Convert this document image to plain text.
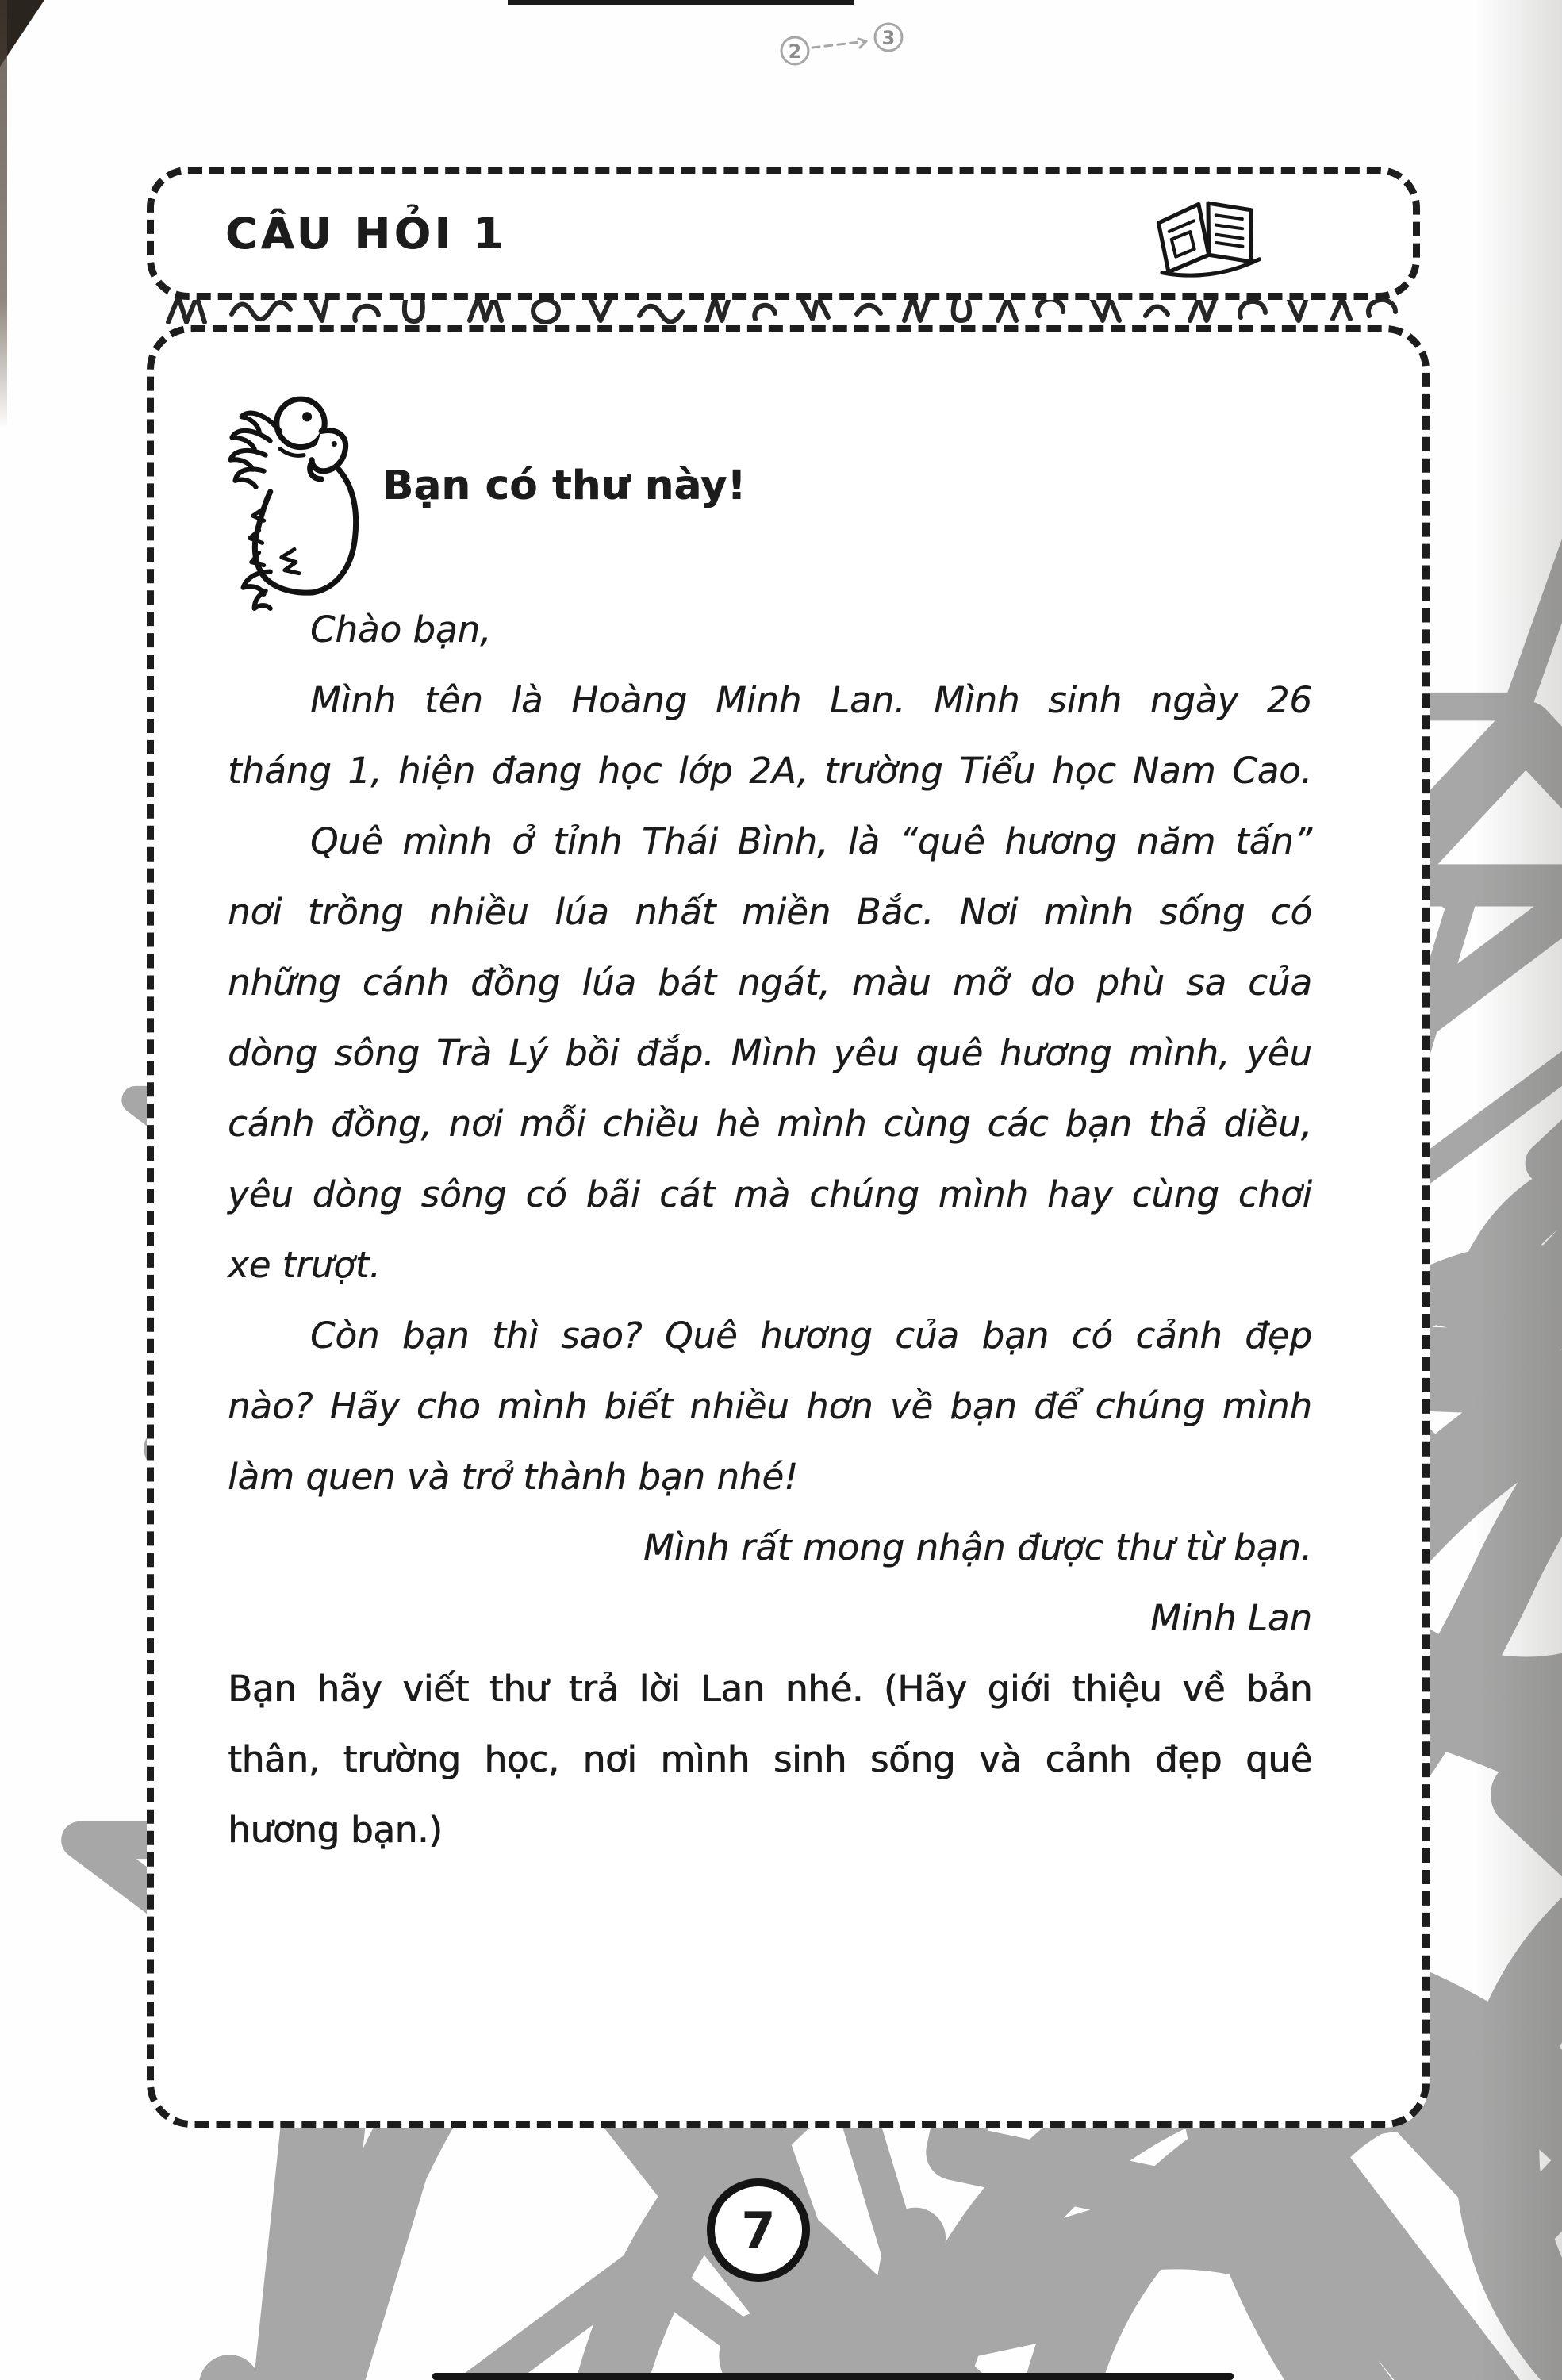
2
3
CÂU HỎI 1
Bạn có thư này!
Chào bạn,
Mình tên là Hoàng Minh Lan. Mình sinh ngày 26
tháng 1, hiện đang học lớp 2A, trường Tiểu học Nam Cao.
Quê mình ở tỉnh Thái Bình, là “quê hương năm tấn”
nơi trồng nhiều lúa nhất miền Bắc. Nơi mình sống có
những cánh đồng lúa bát ngát, màu mỡ do phù sa của
dòng sông Trà Lý bồi đắp. Mình yêu quê hương mình, yêu
cánh đồng, nơi mỗi chiều hè mình cùng các bạn thả diều,
yêu dòng sông có bãi cát mà chúng mình hay cùng chơi
xe trượt.
Còn bạn thì sao? Quê hương của bạn có cảnh đẹp
nào? Hãy cho mình biết nhiều hơn về bạn để chúng mình
làm quen và trở thành bạn nhé!
Mình rất mong nhận được thư từ bạn.
Minh Lan
Bạn hãy viết thư trả lời Lan nhé. (Hãy giới thiệu về bản
thân, trường học, nơi mình sinh sống và cảnh đẹp quê
hương bạn.)
7
